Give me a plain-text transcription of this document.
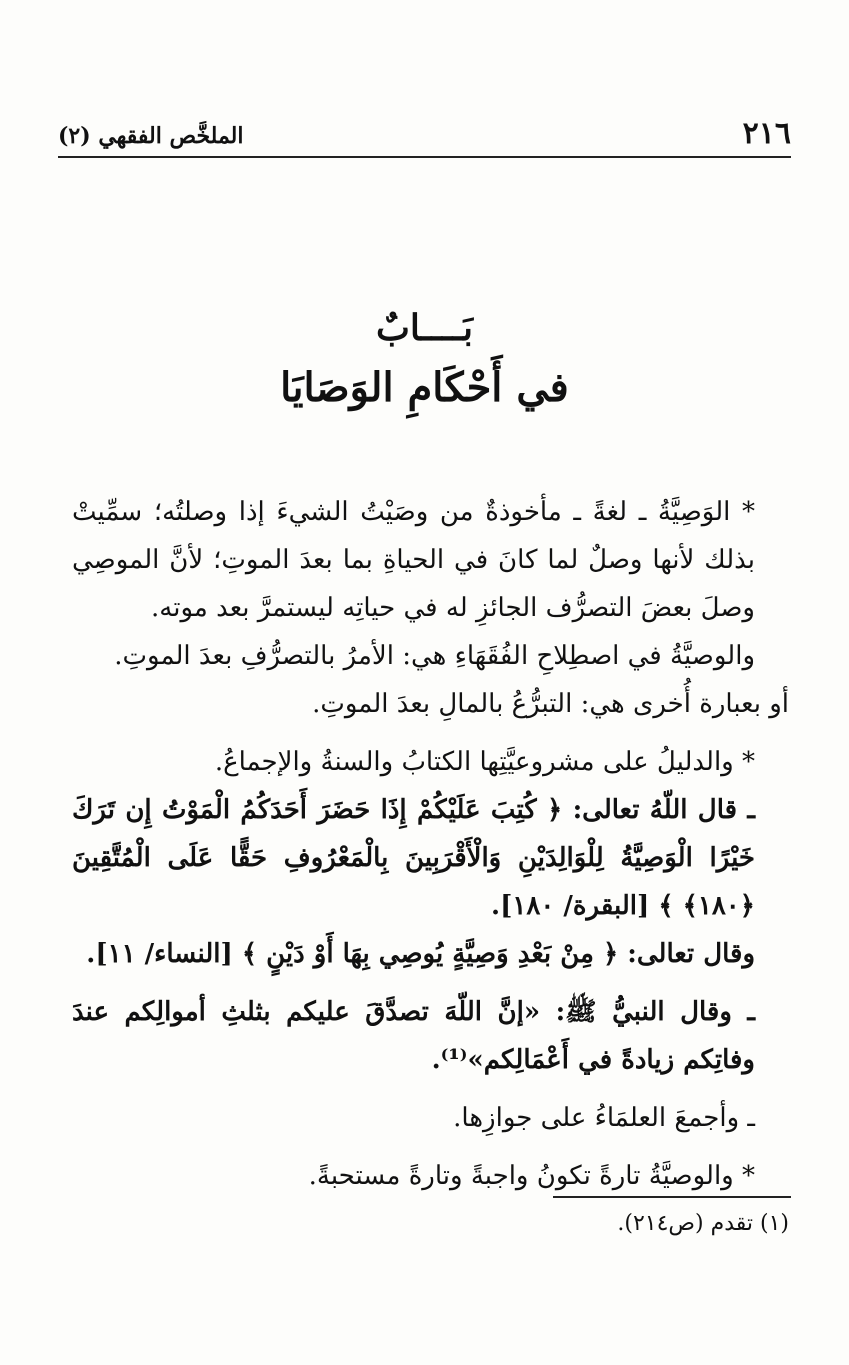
٢١٦
الملخَّص الفقهي (٢)
بَــــابٌ
في أَحْكَامِ الوَصَايَا

* الوَصِيَّةُ ـ لغةً ـ مأخوذةٌ من وصَيْتُ الشيءَ إذا وصلتُه؛ سمِّيتْ بذلك لأنها وصلٌ لما كانَ في الحياةِ بما بعدَ الموتِ؛ لأنَّ الموصِي وصلَ بعضَ التصرُّف الجائزِ له في حياتِه ليستمرَّ بعد موته.

والوصيَّةُ في اصطِلاحِ الفُقَهَاءِ هي: الأمرُ بالتصرُّفِ بعدَ الموتِ.

أو بعبارة أُخرى هي: التبرُّعُ بالمالِ بعدَ الموتِ.

* والدليلُ على مشروعيَّتِها الكتابُ والسنةُ والإجماعُ.

ـ قال اللّهُ تعالى: ﴿ كُتِبَ عَلَيْكُمْ إِذَا حَضَرَ أَحَدَكُمُ الْمَوْتُ إِن تَرَكَ خَيْرًا الْوَصِيَّةُ لِلْوَالِدَيْنِ وَالْأَقْرَبِينَ بِالْمَعْرُوفِ حَقًّا عَلَى الْمُتَّقِينَ ﴿١٨٠﴾ ﴾ [البقرة/ ١٨٠].

وقال تعالى: ﴿ مِنْ بَعْدِ وَصِيَّةٍ يُوصِي بِهَا أَوْ دَيْنٍ ﴾ [النساء/ ١١].

ـ وقال النبيُّ ﷺ: «إنَّ اللّهَ تصدَّقَ عليكم بثلثِ أموالِكم عندَ وفاتِكم زيادةً في أَعْمَالِكم»⁽¹⁾.

ـ وأجمعَ العلمَاءُ على جوازِها.

* والوصيَّةُ تارةً تكونُ واجبةً وتارةً مستحبةً.

(١) تقدم (ص٢١٤).
